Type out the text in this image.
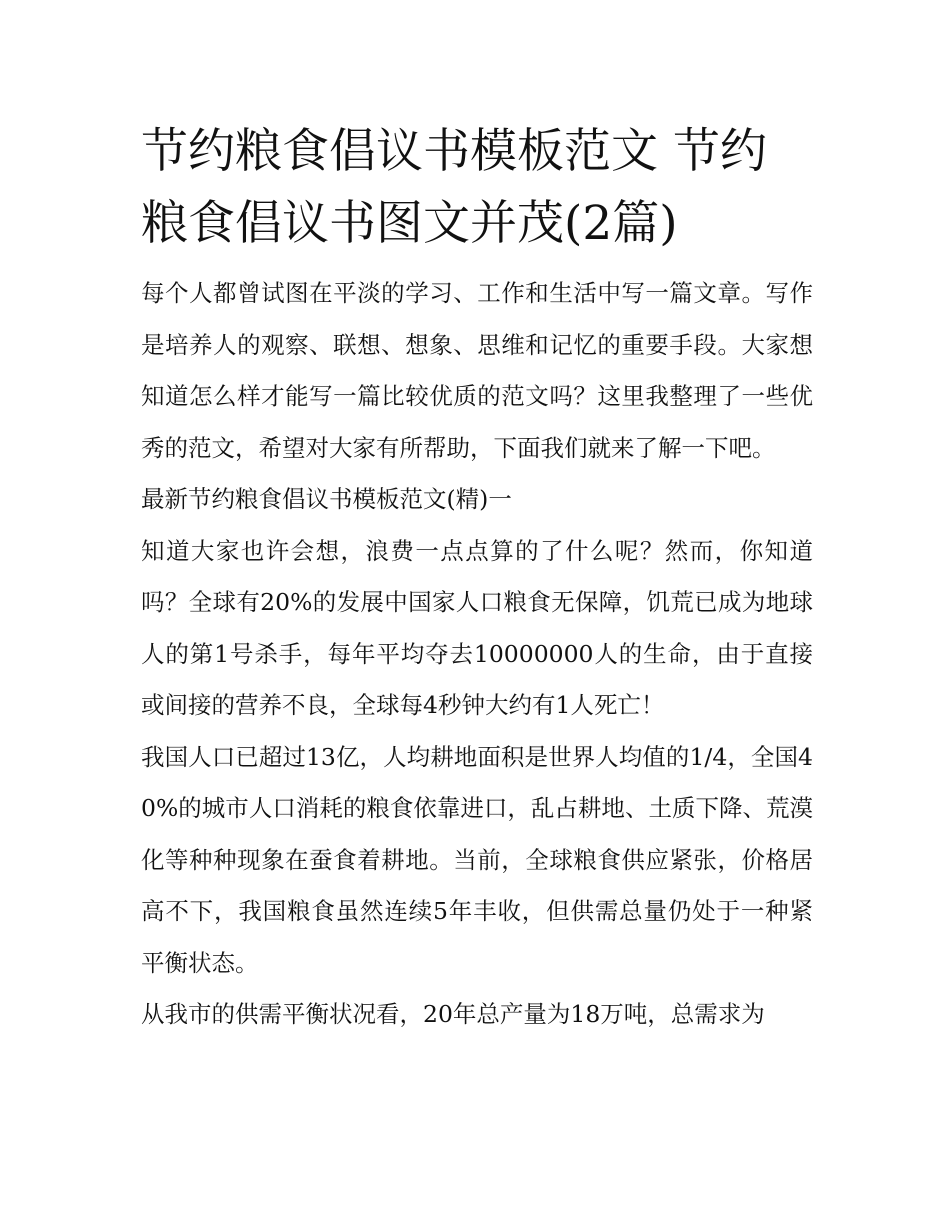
节约粮食倡议书模板范文 节约粮食倡议书图文并茂(2篇)

每个人都曾试图在平淡的学习、工作和生活中写一篇文章。写作是培养人的观察、联想、想象、思维和记忆的重要手段。大家想知道怎么样才能写一篇比较优质的范文吗？这里我整理了一些优秀的范文，希望对大家有所帮助，下面我们就来了解一下吧。

最新节约粮食倡议书模板范文(精)一

知道大家也许会想，浪费一点点算的了什么呢？然而，你知道吗？全球有20%的发展中国家人口粮食无保障，饥荒已成为地球人的第1号杀手，每年平均夺去10000000人的生命，由于直接或间接的营养不良，全球每4秒钟大约有1人死亡！

我国人口已超过13亿，人均耕地面积是世界人均值的1/4，全国40%的城市人口消耗的粮食依靠进口，乱占耕地、土质下降、荒漠化等种种现象在蚕食着耕地。当前，全球粮食供应紧张，价格居高不下，我国粮食虽然连续5年丰收，但供需总量仍处于一种紧平衡状态。

从我市的供需平衡状况看，20年总产量为18万吨，总需求为
